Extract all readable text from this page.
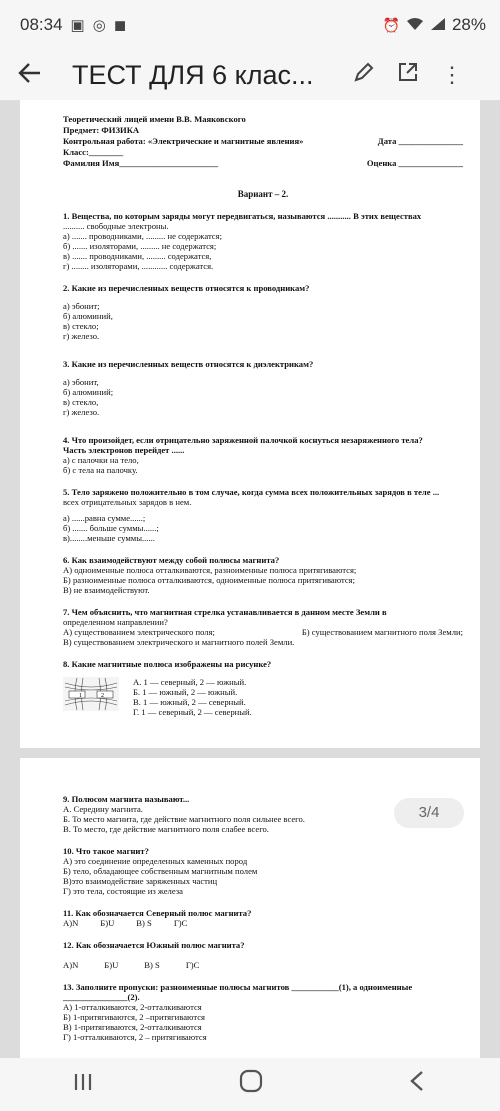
08:34 ▣ ◎ ◼	⏰	28%
ТЕСТ ДЛЯ 6 клас...	⋮
Теоретический лицей имени В.В. Маяковского
Предмет: ФИЗИКА
Контрольная работа: «Электрические и магнитные явления»	Дата _______________
Класс:________
Фамилия Имя_______________________	Оценка _______________
Вариант – 2.
1. Вещества, по которым заряды могут передвигаться, называются ........... В этих веществах
.......... свободные электроны.
а) ....... проводниками, ......... не содержатся;
б) ....... изоляторами, ......... не содержатся;
в) ....... проводниками, ......... содержатся,
г) ........ изоляторами, ............ содержатся.
2. Какие из перечисленных веществ относятся к проводникам?
а) эбонит;
б) алюминий,
в) стекло;
г) железо.
3. Какие из перечисленных веществ относятся к диэлектрикам?
а) эбонит,
б) алюминий;
в) стекло,
г) железо.
4. Что произойдет, если отрицательно заряженной палочкой коснуться незаряженного тела?
Часть электронов перейдет ......
а) с палочки на тело,
б) с тела на палочку.
5. Тело заряжено положительно в том случае, когда сумма всех положительных зарядов в теле ...
всех отрицательных зарядов в нем.
а) ......равна сумме......;
б) ....... больше суммы......;
в)........меньше суммы......
6. Как взаимодействуют между собой полюсы магнита?
А) одноименные полюса отталкиваются, разноименные полюса притягиваются;
Б) разноименные полюса отталкиваются, одноименные полюса притягиваются;
В) не взаимодействуют.
7. Чем объяснить, что магнитная стрелка устанавливается в данном месте Земли в
определенном направлении?
А) существованием электрического поля;	Б) существованием магнитного поля Земли;
В) существованием электрического и магнитного полей Земли.
8. Какие магнитные полюса изображены на рисунке?
1	2
А. 1 — северный, 2 — южный.
Б. 1 — южный, 2 — южный.
В. 1 — южный, 2 — северный.
Г. 1 — северный, 2 — северный.
9. Полюсом магнита называют...
А. Середину магнита.
Б. То место магнита, где действие магнитного поля сильнее всего.
В. То место, где действие магнитного поля слабее всего.
10. Что такое магнит?
А) это соединение определенных каменных пород
Б) тело, обладающее собственным магнитным полем
В)это взаимодействие заряженных частиц
Г) это тела, состоящие из железа
11. Как обозначается Северный полюс магнита?
А)N	Б)U	В) S	Г)C
12. Как обозначается Южный полюс магнита?
А)N	Б)U	В) S	Г)C
13. Заполните пропуски: разноименные полюсы магнитов ___________(1), а одноименные
_______________(2).
А) 1-отталкиваются, 2-отталкиваются
Б) 1-притягиваются, 2 –притягиваются
В) 1-притягиваются, 2-отталкиваются
Г) 1-отталкиваются, 2 – притягиваются
3/4
